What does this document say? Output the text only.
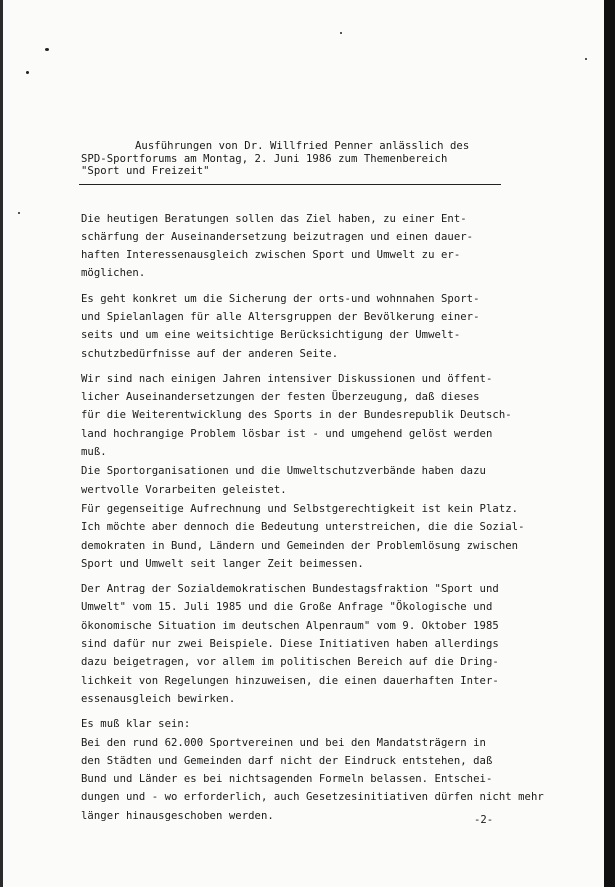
Ausführungen von Dr. Willfried Penner anlässlich des
SPD-Sportforums am Montag, 2. Juni 1986 zum Themenbereich
"Sport und Freizeit"
Die heutigen Beratungen sollen das Ziel haben, zu einer Ent-
schärfung der Auseinandersetzung beizutragen und einen dauer-
haften Interessenausgleich zwischen Sport und Umwelt zu er-
möglichen.
Es geht konkret um die Sicherung der orts-und wohnnahen Sport-
und Spielanlagen für alle Altersgruppen der Bevölkerung einer-
seits und um eine weitsichtige Berücksichtigung der Umwelt-
schutzbedürfnisse auf der anderen Seite.
Wir sind nach einigen Jahren intensiver Diskussionen und öffent-
licher Auseinandersetzungen der festen Überzeugung, daß dieses
für die Weiterentwicklung des Sports in der Bundesrepublik Deutsch-
land hochrangige Problem lösbar ist - und umgehend gelöst werden
muß.
Die Sportorganisationen und die Umweltschutzverbände haben dazu
wertvolle Vorarbeiten geleistet.
Für gegenseitige Aufrechnung und Selbstgerechtigkeit ist kein Platz.
Ich möchte aber dennoch die Bedeutung unterstreichen, die die Sozial-
demokraten in Bund, Ländern und Gemeinden der Problemlösung zwischen
Sport und Umwelt seit langer Zeit beimessen.
Der Antrag der Sozialdemokratischen Bundestagsfraktion "Sport und
Umwelt" vom 15. Juli 1985 und die Große Anfrage "Ökologische und
ökonomische Situation im deutschen Alpenraum" vom 9. Oktober 1985
sind dafür nur zwei Beispiele. Diese Initiativen haben allerdings
dazu beigetragen, vor allem im politischen Bereich auf die Dring-
lichkeit von Regelungen hinzuweisen, die einen dauerhaften Inter-
essenausgleich bewirken.
Es muß klar sein:
Bei den rund 62.000 Sportvereinen und bei den Mandatsträgern in
den Städten und Gemeinden darf nicht der Eindruck entstehen, daß
Bund und Länder es bei nichtsagenden Formeln belassen. Entschei-
dungen und - wo erforderlich, auch Gesetzesinitiativen dürfen nicht mehr
länger hinausgeschoben werden.	-2-
